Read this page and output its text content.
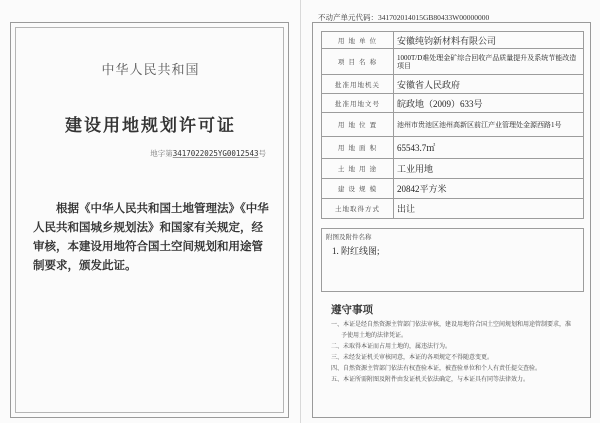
中华人民共和国
建设用地规划许可证
地字第3417022025YG0012543号
根据《中华人民共和国土地管理法》《中华人民共和国城乡规划法》和国家有关规定，经审核，本建设用地符合国土空间规划和用途管制要求，颁发此证。
不动产单元代码：341702014015GB80433W00000000
用 地 单 位	安徽纯钧新材料有限公司
项 目 名 称	1000T/D难处理金矿综合回收产品质量提升及系统节能改造项目
批准用地机关	安徽省人民政府
批准用地文号	皖政地（2009）633号
用 地 位 置	池州市贵池区池州高新区前江产业管理处金源西路1号
用 地 面 积	65543.7㎡
土 地 用 途	工业用地
建 设 规 模	20842平方米
土地取得方式	出让
附图及附件名称
1. 附红线图;
遵守事项
一、本证是经自然资源主管部门依法审核，建设用地符合国土空间规划和用途管制要求，准予使用土地的法律凭证。
二、未取得本证而占用土地的，属违法行为。
三、未经发证机关审核同意，本证的各项规定不得随意变更。
四、自然资源主管部门依法有权查验本证，被查验单位和个人有责任提交查验。
五、本证所需附图及附件由发证机关依法确定，与本证具有同等法律效力。
